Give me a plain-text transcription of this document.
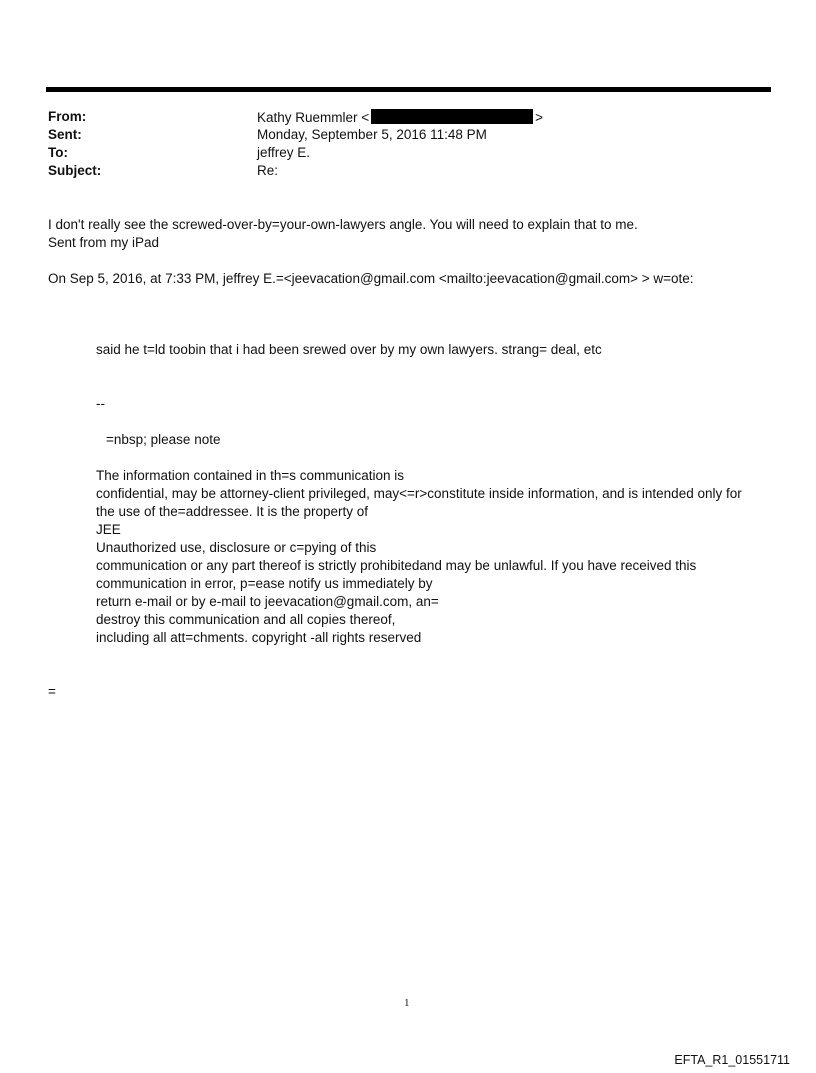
From:	Kathy Ruemmler <	>
Sent:	Monday, September 5, 2016 11:48 PM
To:	jeffrey E.
Subject:	Re:
I don't really see the screwed-over-by=your-own-lawyers angle. You will need to explain that to me.
Sent from my iPad
On Sep 5, 2016, at 7:33 PM, jeffrey E.=<jeevacation@gmail.com <mailto:jeevacation@gmail.com> > w=ote:
said he t=ld toobin that i had been srewed over by my own lawyers. strang= deal, etc
--
=nbsp; please note
The information contained in th=s communication is
confidential, may be attorney-client privileged, may<=r>constitute inside information, and is intended only for
the use of the=addressee. It is the property of
JEE
Unauthorized use, disclosure or c=pying of this
communication or any part thereof is strictly prohibitedand may be unlawful. If you have received this
communication in error, p=ease notify us immediately by
return e-mail or by e-mail to jeevacation@gmail.com, an=
destroy this communication and all copies thereof,
including all att=chments. copyright -all rights reserved
=
1
EFTA_R1_01551711
